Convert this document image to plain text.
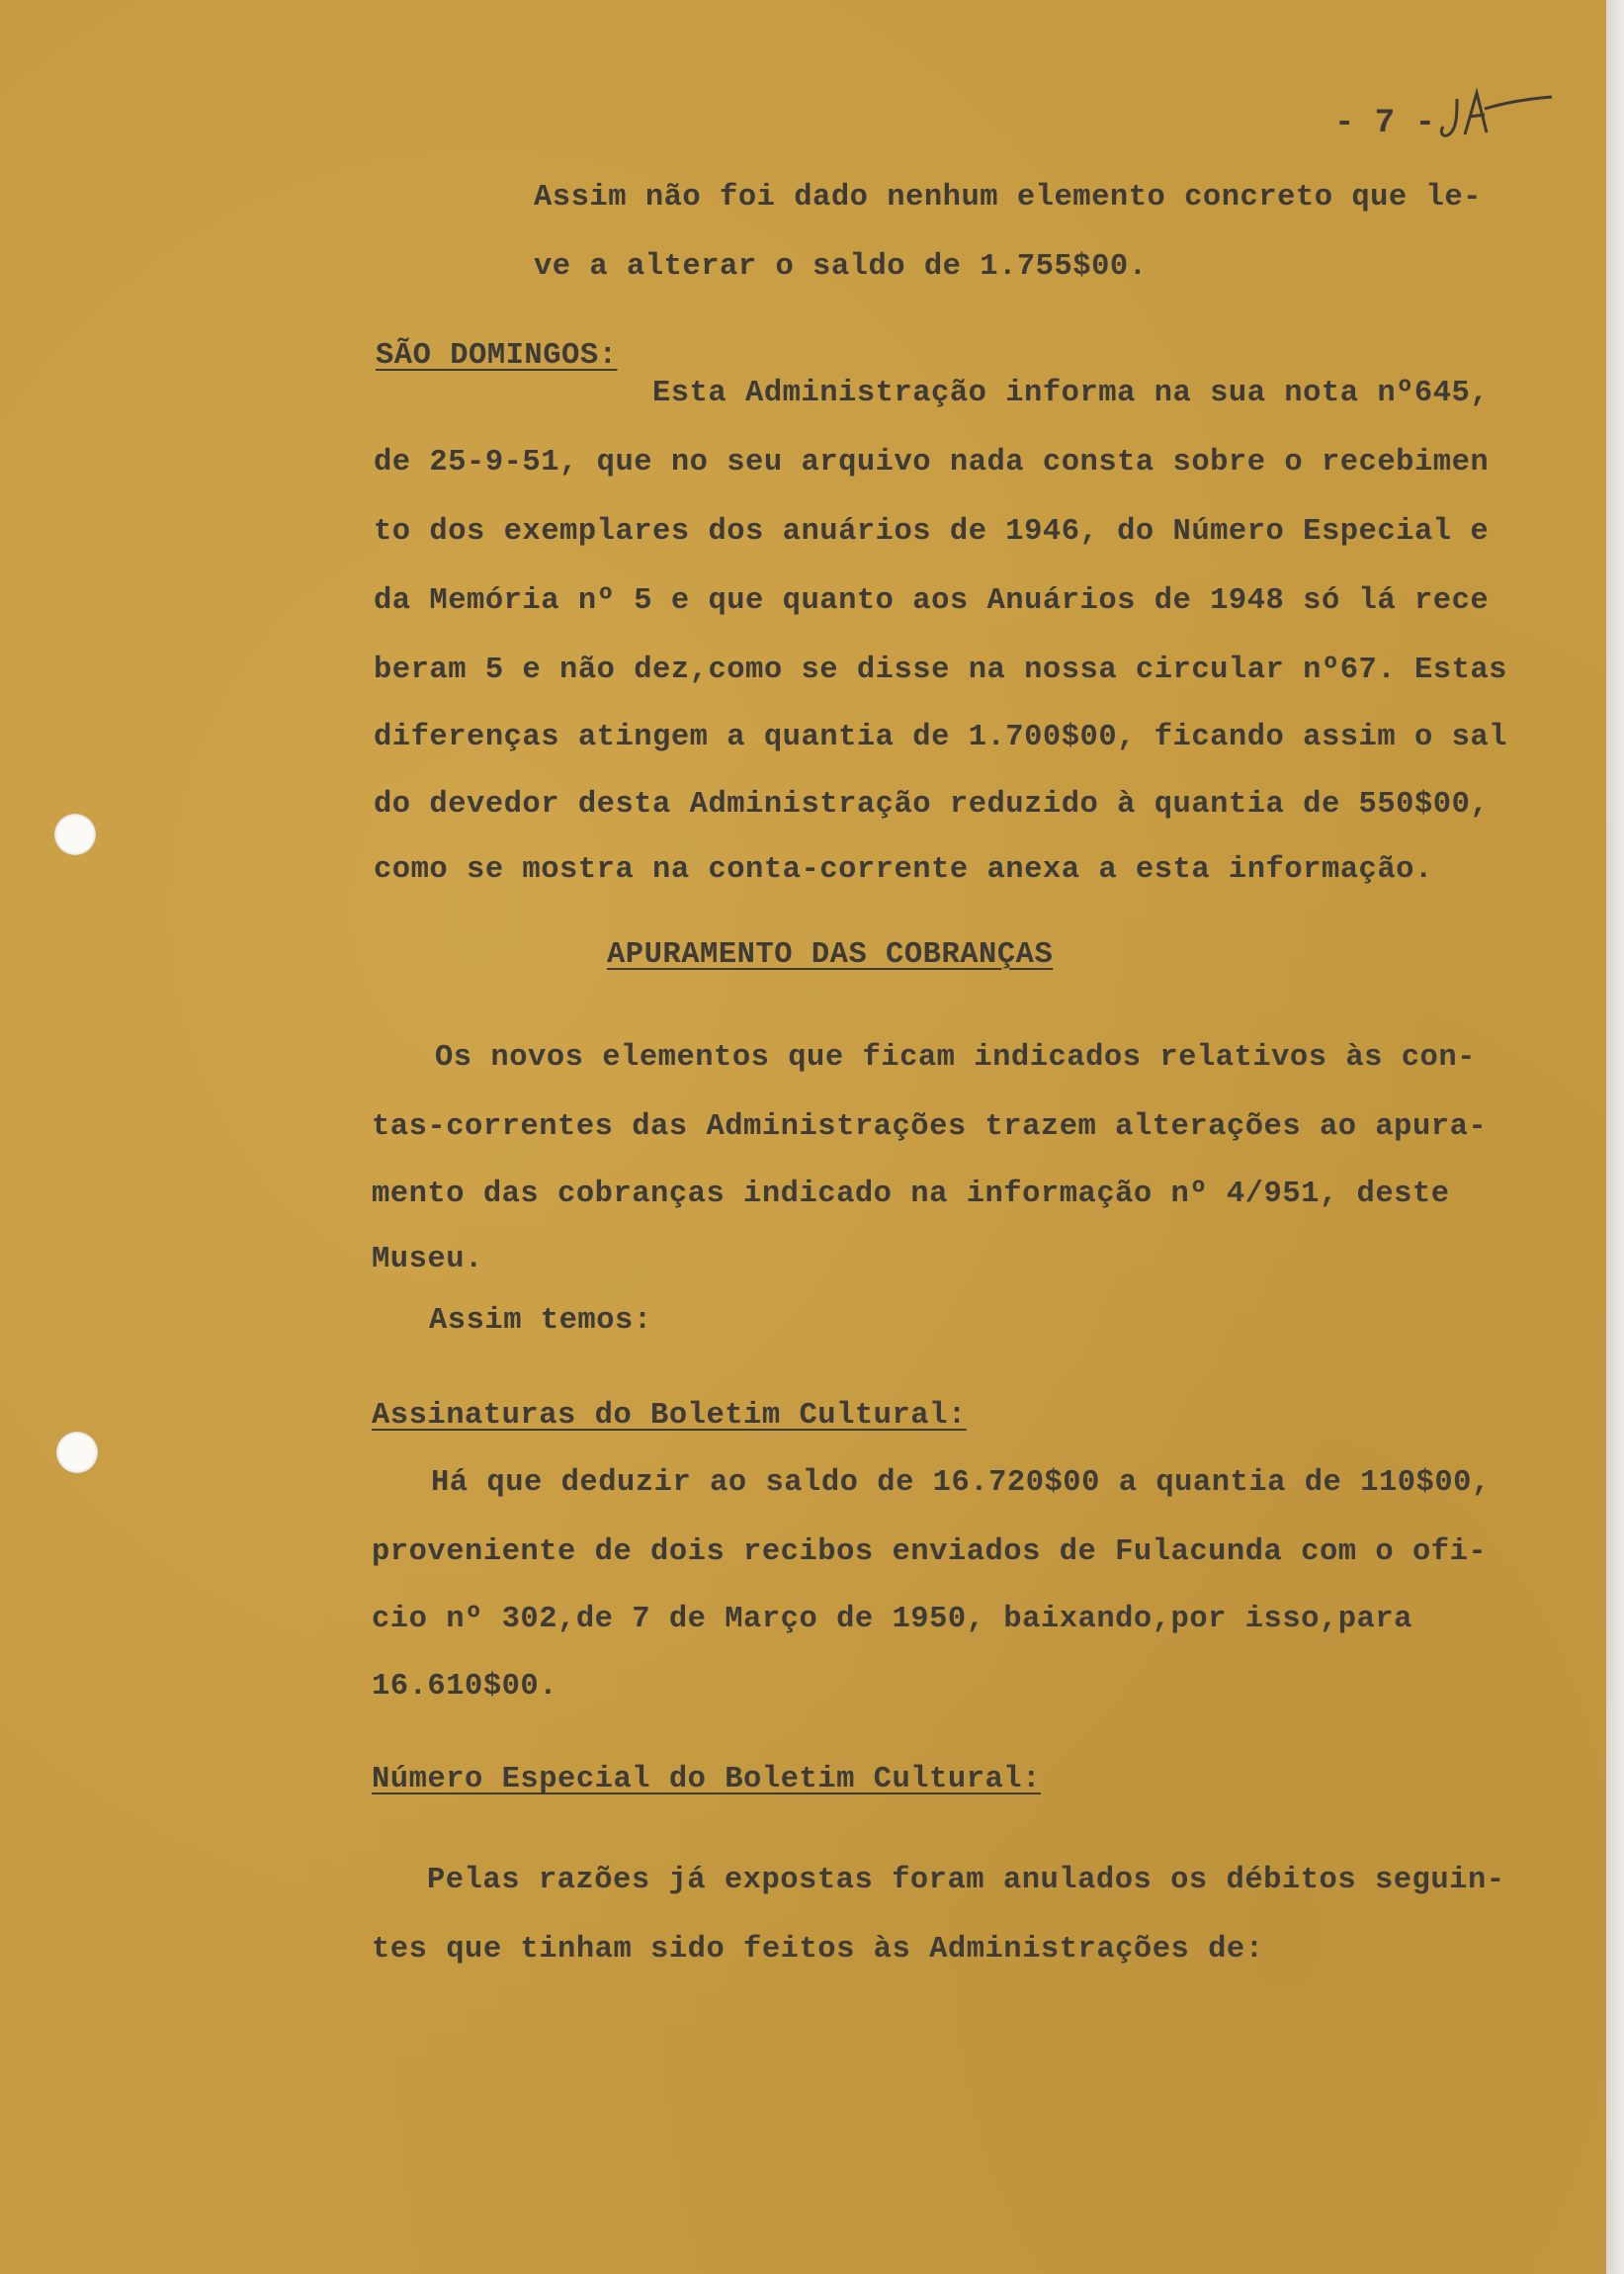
- 7 -

Assim não foi dado nenhum elemento concreto que le-

ve a alterar o saldo de 1.755$00.

SÃO DOMINGOS:

Esta Administração informa na sua nota nº645,

de 25-9-51, que no seu arquivo nada consta sobre o recebimen

to dos exemplares dos anuários de 1946, do Número Especial e

da Memória nº 5 e que quanto aos Anuários de 1948 só lá rece

beram 5 e não dez,como se disse na nossa circular nº67. Estas

diferenças atingem a quantia de 1.700$00, ficando assim o sal

do devedor desta Administração reduzido à quantia de 550$00,

como se mostra na conta-corrente anexa a esta informação.

APURAMENTO DAS COBRANÇAS

Os novos elementos que ficam indicados relativos às con-

tas-correntes das Administrações trazem alterações ao apura-

mento das cobranças indicado na informação nº 4/951, deste

Museu.

Assim temos:

Assinaturas do Boletim Cultural:

Há que deduzir ao saldo de 16.720$00 a quantia de 110$00,

proveniente de dois recibos enviados de Fulacunda com o ofi-

cio nº 302,de 7 de Março de 1950, baixando,por isso,para

16.610$00.

Número Especial do Boletim Cultural:

Pelas razões já expostas foram anulados os débitos seguin-

tes que tinham sido feitos às Administrações de:
